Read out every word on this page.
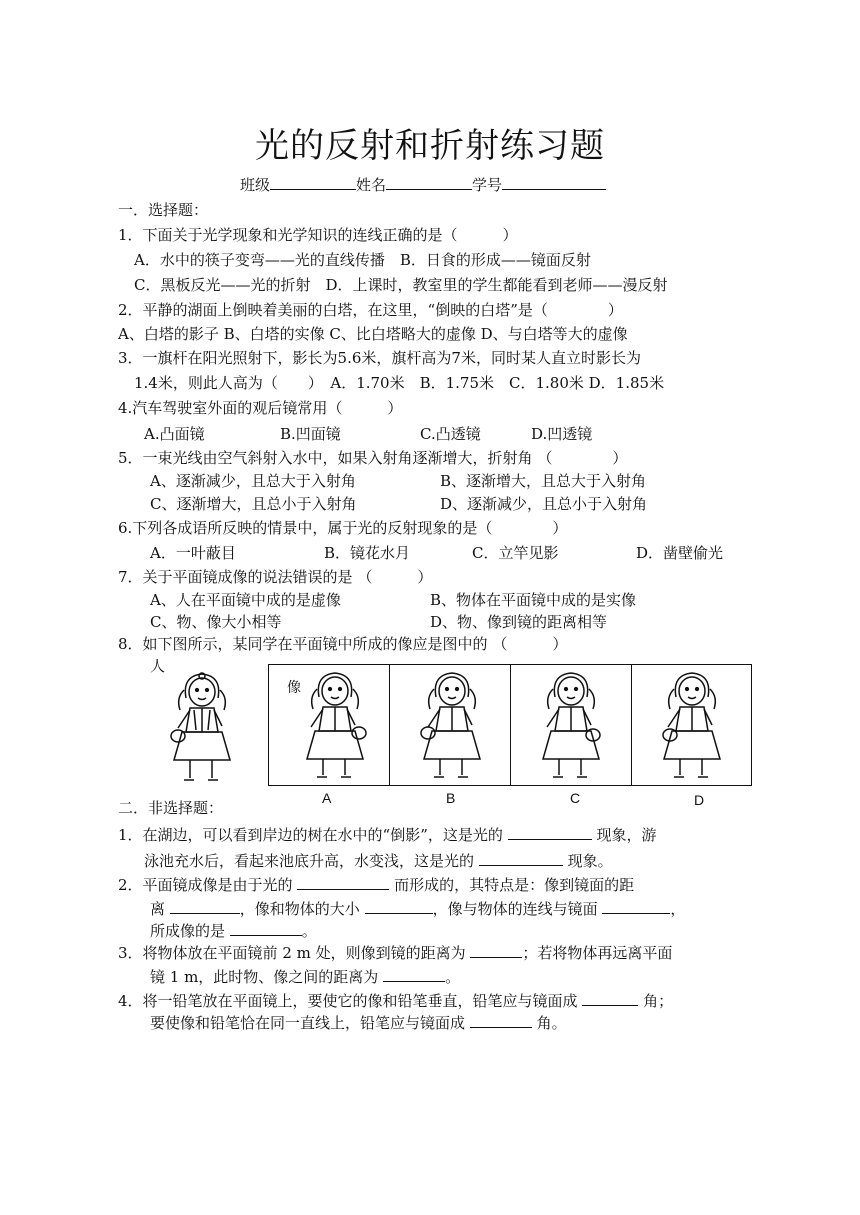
光的反射和折射练习题
班级	姓名	学号
一．选择题：
1．下面关于光学现象和光学知识的连线正确的是（　　　）
A．水中的筷子变弯——光的直线传播　B．日食的形成——镜面反射
C．黑板反光——光的折射　D．上课时，教室里的学生都能看到老师——漫反射
2．平静的湖面上倒映着美丽的白塔，在这里，“倒映的白塔”是（　　　　）
A、白塔的影子 B、白塔的实像 C、比白塔略大的虚像 D、与白塔等大的虚像
3．一旗杆在阳光照射下，影长为5.6米，旗杆高为7米，同时某人直立时影长为
1.4米，则此人高为（　　）　A．1.70米　B．1.75米　C．1.80米 D．1.85米
4.汽车驾驶室外面的观后镜常用（　　　）
A.凸面镜	B.凹面镜	C.凸透镜	D.凹透镜
5．一束光线由空气斜射入水中，如果入射角逐渐增大，折射角 （　　　　）
A、逐渐减少，且总大于入射角	B、逐渐增大，且总大于入射角
C、逐渐增大，且总小于入射角	D、逐渐减少，且总小于入射角
6.下列各成语所反映的情景中，属于光的反射现象的是（　　　　）
A．一叶蔽目	B．镜花水月	C．立竿见影	D．凿壁偷光
7．关于平面镜成像的说法错误的是 （　　　）
A、人在平面镜中成的是虚像	B、物体在平面镜中成的是实像
C、物、像大小相等	D、物、像到镜的距离相等
8．如下图所示，某同学在平面镜中所成的像应是图中的 （　　　）
人
像
A	B	C	D
二．非选择题：
1．在湖边，可以看到岸边的树在水中的“倒影”，这是光的	现象，游
泳池充水后，看起来池底升高，水变浅，这是光的	现象。
2．平面镜成像是由于光的	而形成的，其特点是：像到镜面的距
离	，像和物体的大小	，像与物体的连线与镜面	，
所成像的是	。
3．将物体放在平面镜前 2 m 处，则像到镜的距离为	；若将物体再远离平面
镜 1 m，此时物、像之间的距离为	。
4．将一铅笔放在平面镜上，要使它的像和铅笔垂直，铅笔应与镜面成	角；
要使像和铅笔恰在同一直线上，铅笔应与镜面成	角。
